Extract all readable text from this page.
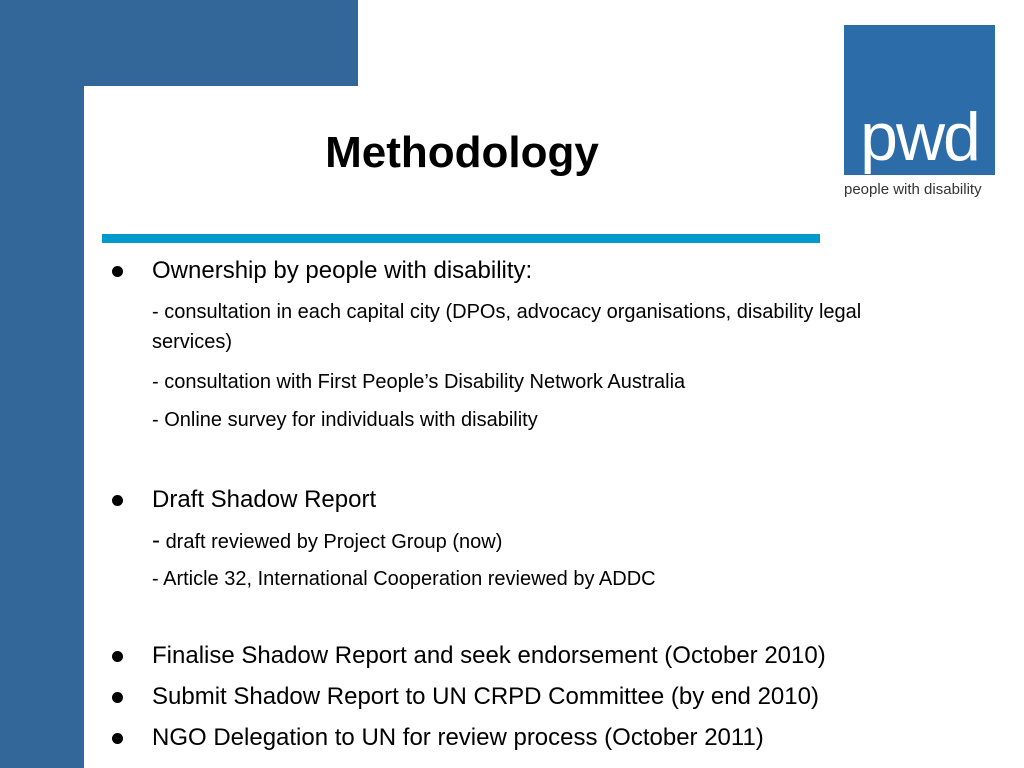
Methodology	pwd
people with disability
Ownership by people with disability:
- consultation in each capital city (DPOs, advocacy organisations, disability legal services)
- consultation with First People’s Disability Network Australia
- Online survey for individuals with disability
Draft Shadow Report
- draft reviewed by Project Group (now)
- Article 32, International Cooperation reviewed by ADDC
Finalise Shadow Report and seek endorsement (October 2010)
Submit Shadow Report to UN CRPD Committee (by end 2010)
NGO Delegation to UN for review process (October 2011)
